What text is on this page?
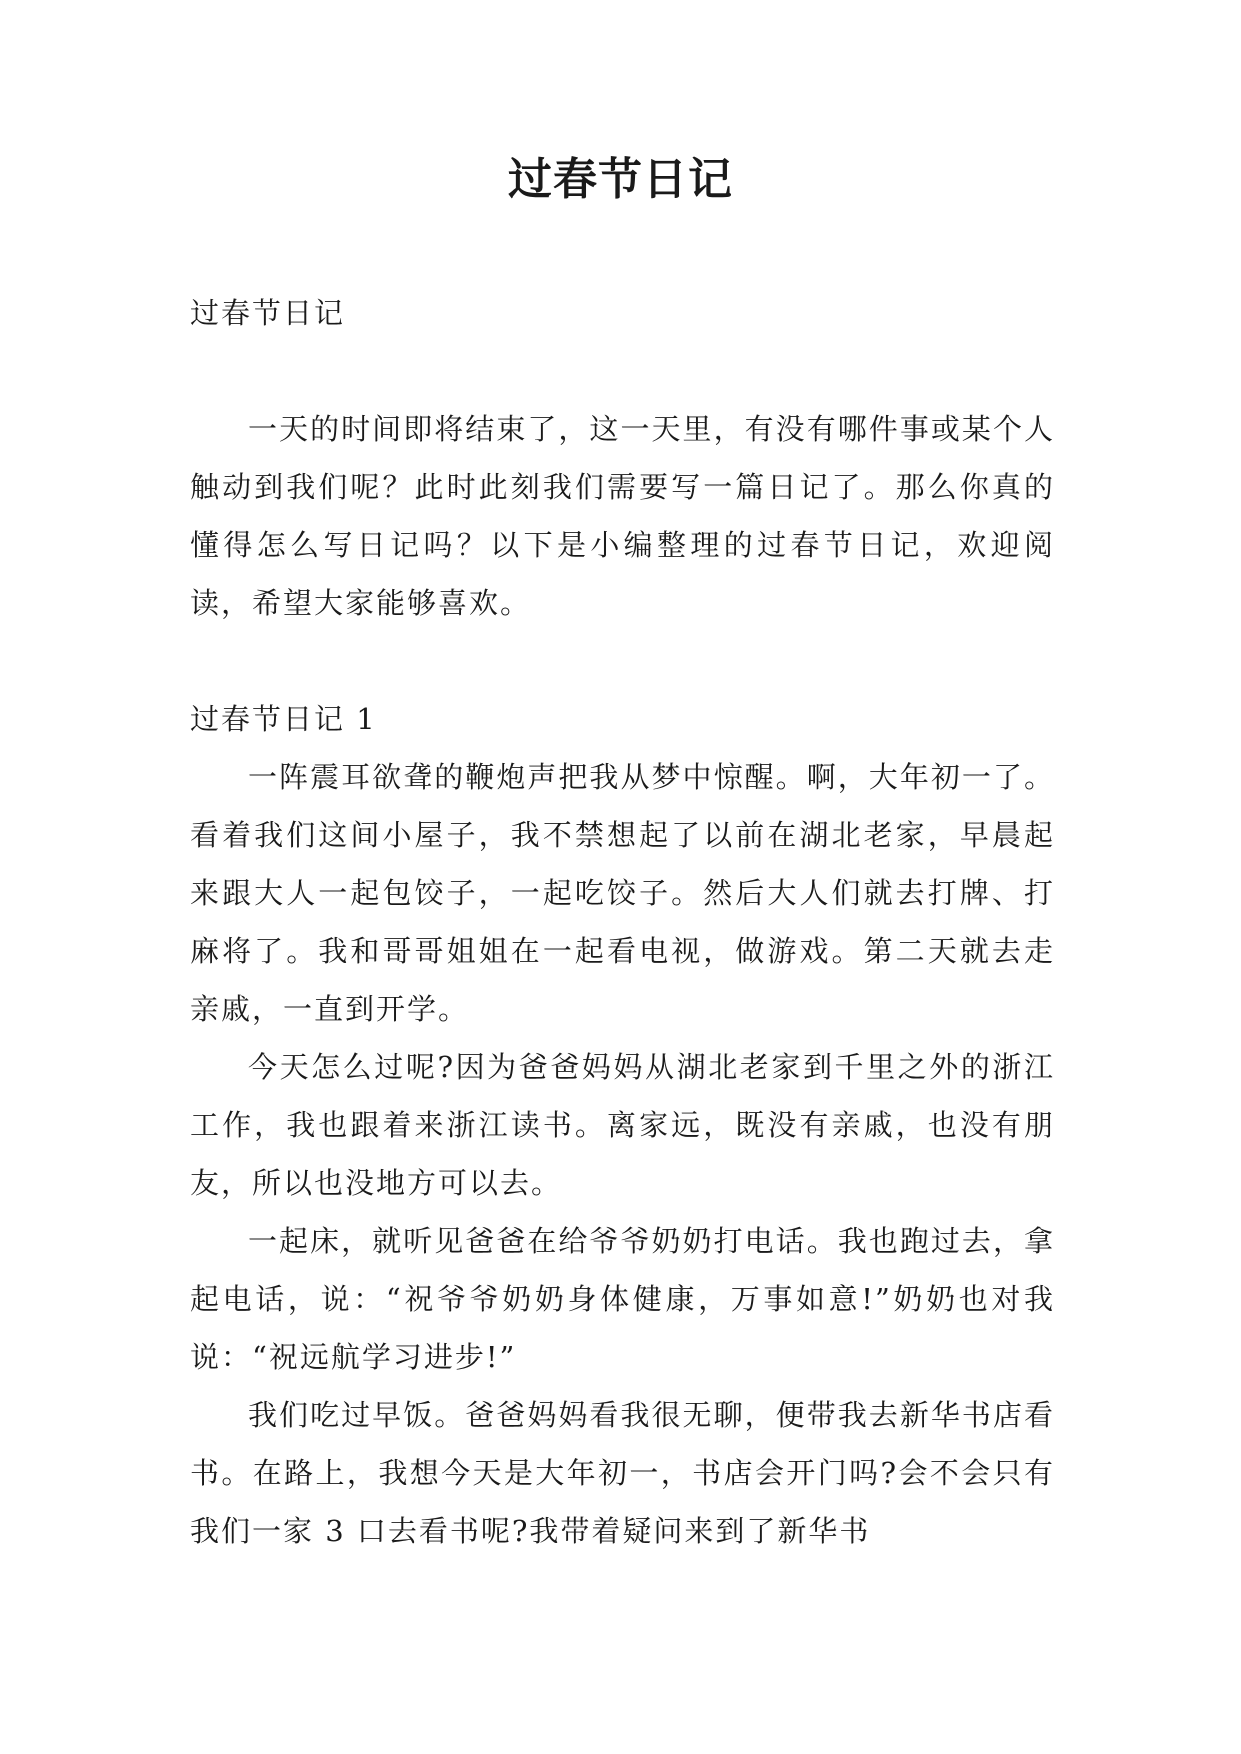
过春节日记
过春节日记

一天的时间即将结束了，这一天里，有没有哪件事或某个人触动到我们呢？此时此刻我们需要写一篇日记了。那么你真的懂得怎么写日记吗？以下是小编整理的过春节日记，欢迎阅读，希望大家能够喜欢。

过春节日记 1

一阵震耳欲聋的鞭炮声把我从梦中惊醒。啊，大年初一了。看着我们这间小屋子，我不禁想起了以前在湖北老家，早晨起来跟大人一起包饺子，一起吃饺子。然后大人们就去打牌、打麻将了。我和哥哥姐姐在一起看电视，做游戏。第二天就去走亲戚，一直到开学。

今天怎么过呢?因为爸爸妈妈从湖北老家到千里之外的浙江工作，我也跟着来浙江读书。离家远，既没有亲戚，也没有朋友，所以也没地方可以去。

一起床，就听见爸爸在给爷爷奶奶打电话。我也跑过去，拿起电话，说：“祝爷爷奶奶身体健康，万事如意!”奶奶也对我说：“祝远航学习进步!”

我们吃过早饭。爸爸妈妈看我很无聊，便带我去新华书店看书。在路上，我想今天是大年初一，书店会开门吗?会不会只有我们一家 3 口去看书呢?我带着疑问来到了新华书
